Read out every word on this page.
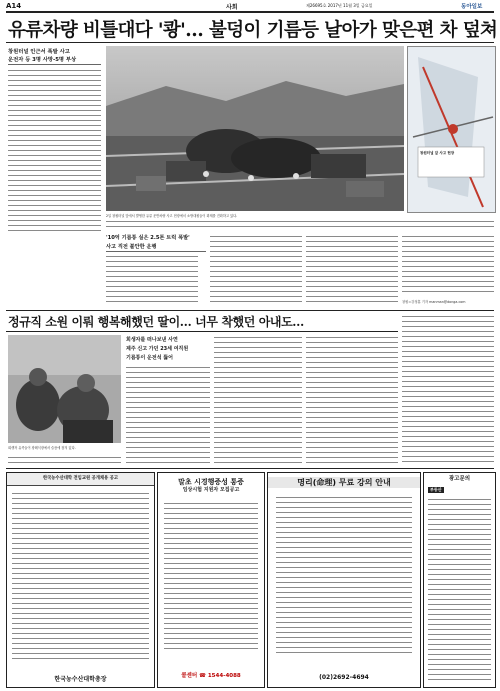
A14	사회	제26695호 2017년 11월 3일 금요일	동아일보
유류차량 비틀대다 '쾅'… 불덩이 기름등 날아가 맞은편 차 덮쳐
창원터널 인근서 폭발 사고
운전자 등 3명 사망-5명 부상
창원터널 앞 사고 현장
2일 창원터널 앞에서 발생한 유류 운반차량 사고 현장에서 소방대원들이 화재를 진화하고 있다.
'10억 기름통 실은 2.5톤 트럭 폭발'
사고 직전 불안한 운행
창원=강정훈 기자 manman@donga.com
정규직 소원 이뤄 행복해했던 딸이… 너무 착했던 아내도…
희생자 유족들이 장례식장에서 슬픔에 잠겨 있다.
희생자를 떠나보낸 사연
제주 신고 가던 23세 여직원
기름통이 운전석 뚫어
한국농수산대학 전임교원 공개채용 공고
한국농수산대학총장
말초 시경행증성 통증
임상시험 지원자 모집공고
콜센터 ☎ 1544-4088
명리(命理) 무료 강의 안내
(02)2692-4694
광고문의
부동산
